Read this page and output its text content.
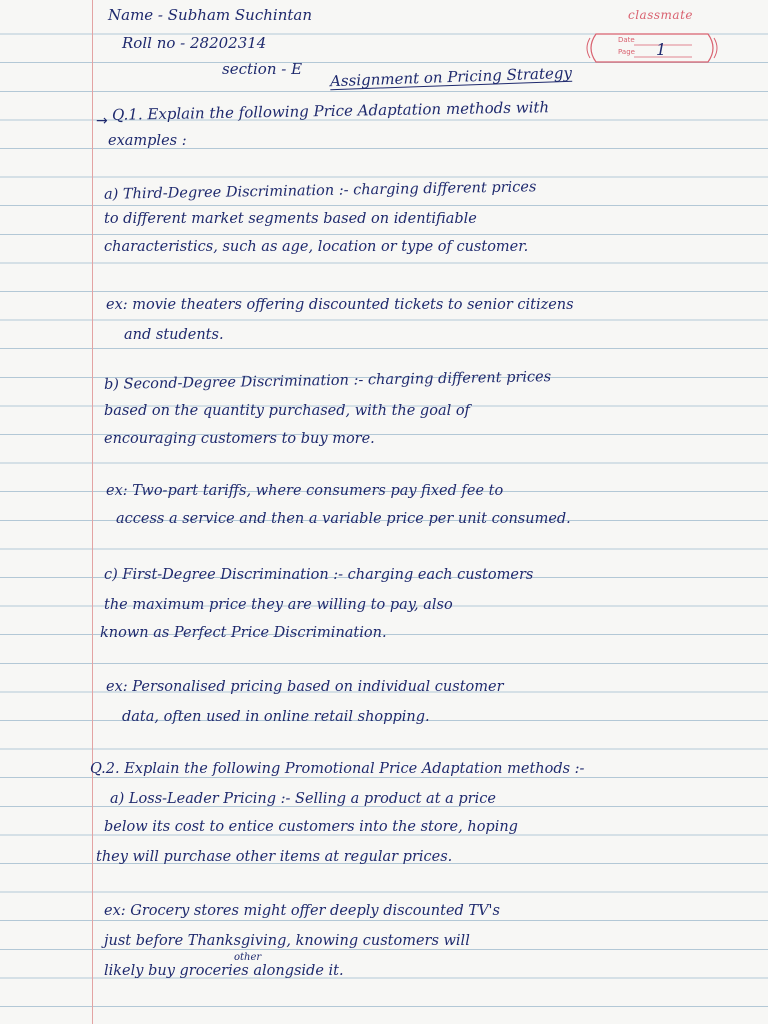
classmate
Date
Page 1
Name - Subham Suchintan
Roll no - 28202314
section - E Assignment on Pricing Strategy
→ Q.1. Explain the following Price Adaptation methods with
examples :
a) Third-Degree Discrimination :- charging different prices
to different market segments based on identifiable
characteristics, such as age, location or type of customer.
ex: movie theaters offering discounted tickets to senior citizens
and students.
b) Second-Degree Discrimination :- charging different prices
based on the quantity purchased, with the goal of
encouraging customers to buy more.
ex: Two-part tariffs, where consumers pay fixed fee to
access a service and then a variable price per unit consumed.
c) First-Degree Discrimination :- charging each customers
the maximum price they are willing to pay, also
known as Perfect Price Discrimination.
ex: Personalised pricing based on individual customer
data, often used in online retail shopping.
Q.2. Explain the following Promotional Price Adaptation methods :-
a) Loss-Leader Pricing :- Selling a product at a price
below its cost to entice customers into the store, hoping
they will purchase other items at regular prices.
ex: Grocery stores might offer deeply discounted TV's
just before Thanksgiving, knowing customers will
other
likely buy groceries alongside it.
